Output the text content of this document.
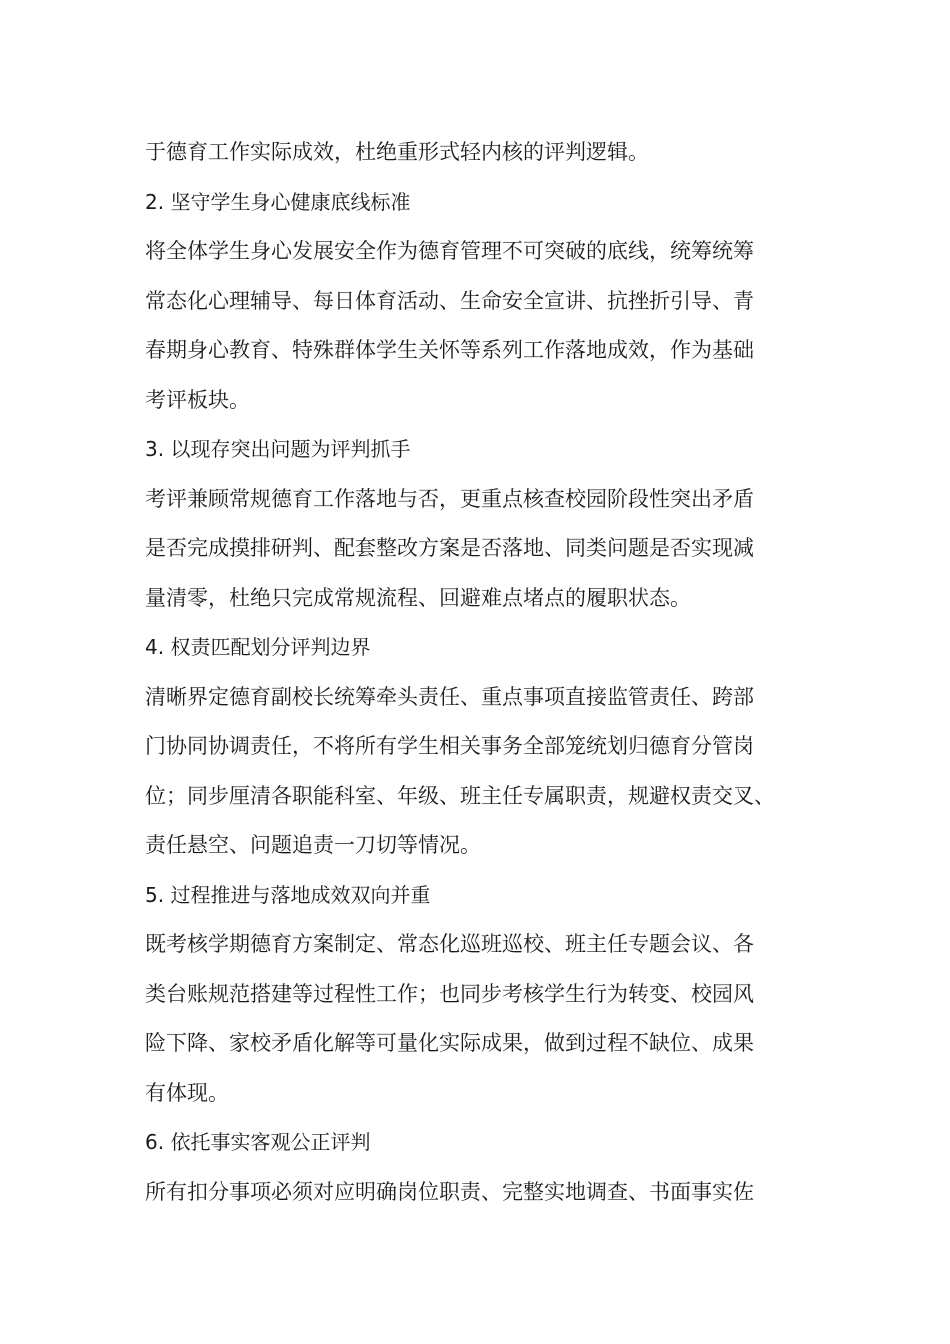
于德育工作实际成效，杜绝重形式轻内核的评判逻辑。
2. 坚守学生身心健康底线标准
将全体学生身心发展安全作为德育管理不可突破的底线，统筹统筹
常态化心理辅导、每日体育活动、生命安全宣讲、抗挫折引导、青
春期身心教育、特殊群体学生关怀等系列工作落地成效，作为基础
考评板块。
3. 以现存突出问题为评判抓手
考评兼顾常规德育工作落地与否，更重点核查校园阶段性突出矛盾
是否完成摸排研判、配套整改方案是否落地、同类问题是否实现减
量清零，杜绝只完成常规流程、回避难点堵点的履职状态。
4. 权责匹配划分评判边界
清晰界定德育副校长统筹牵头责任、重点事项直接监管责任、跨部
门协同协调责任，不将所有学生相关事务全部笼统划归德育分管岗
位；同步厘清各职能科室、年级、班主任专属职责，规避权责交叉、
责任悬空、问题追责一刀切等情况。
5. 过程推进与落地成效双向并重
既考核学期德育方案制定、常态化巡班巡校、班主任专题会议、各
类台账规范搭建等过程性工作；也同步考核学生行为转变、校园风
险下降、家校矛盾化解等可量化实际成果，做到过程不缺位、成果
有体现。
6. 依托事实客观公正评判
所有扣分事项必须对应明确岗位职责、完整实地调查、书面事实佐
